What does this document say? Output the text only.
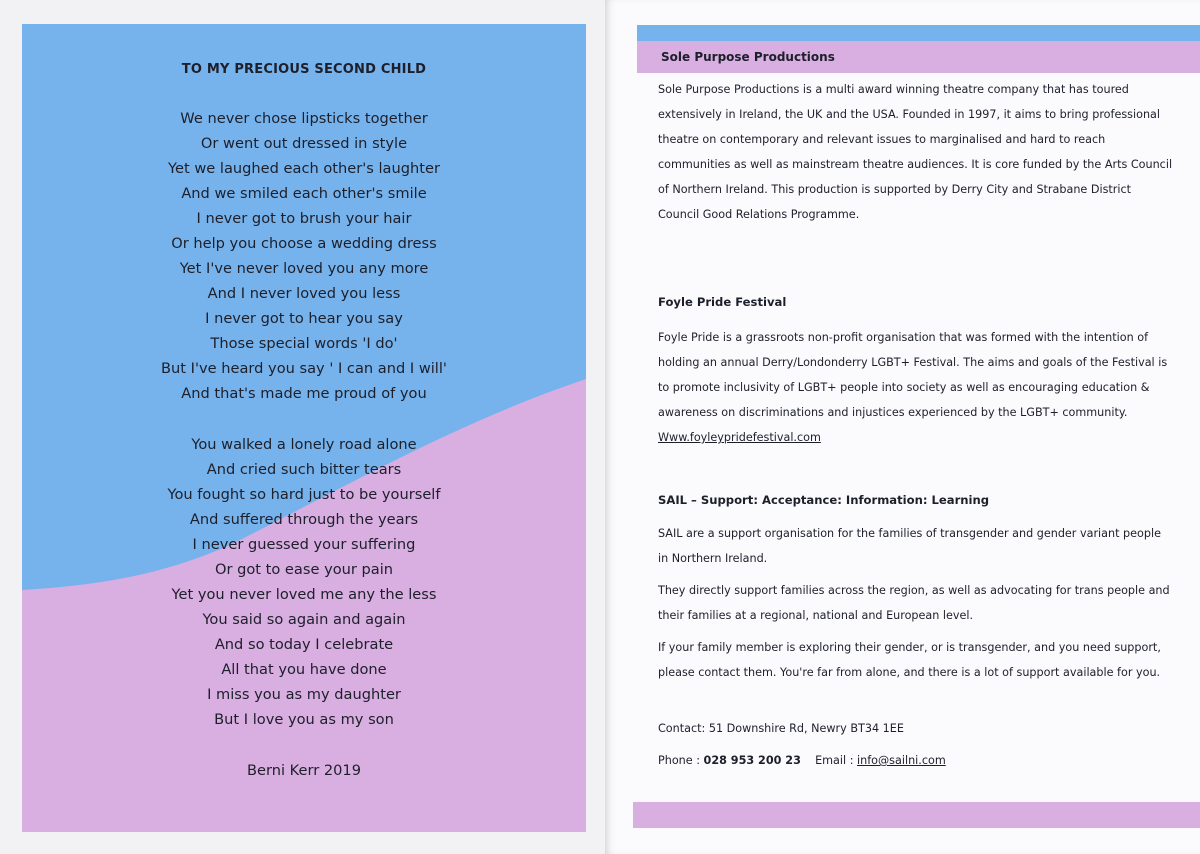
TO MY PRECIOUS SECOND CHILD
We never chose lipsticks together
Or went out dressed in style
Yet we laughed each other's laughter
And we smiled each other's smile
I never got to brush your hair
Or help you choose a wedding dress
Yet I've never loved you any more
And I never loved you less
I never got to hear you say
Those special words 'I do'
But I've heard you say ' I can and I will'
And that's made me proud of you
You walked a lonely road alone
And cried such bitter tears
You fought so hard just to be yourself
And suffered through the years
I never guessed your suffering
Or got to ease your pain
Yet you never loved me any the less
You said so again and again
And so today I celebrate
All that you have done
I miss you as my daughter
But I love you as my son
Berni Kerr 2019
Sole Purpose Productions

Sole Purpose Productions is a multi award winning theatre company that has toured extensively in Ireland, the UK and the USA. Founded in 1997, it aims to bring professional theatre on contemporary and relevant issues to marginalised and hard to reach communities as well as mainstream theatre audiences. It is core funded by the Arts Council of Northern Ireland. This production is supported by Derry City and Strabane District Council Good Relations Programme.

Foyle Pride Festival

Foyle Pride is a grassroots non-profit organisation that was formed with the intention of holding an annual Derry/Londonderry LGBT+ Festival. The aims and goals of the Festival is to promote inclusivity of LGBT+ people into society as well as encouraging education & awareness on discriminations and injustices experienced by the LGBT+ community. Www.foyleypridefestival.com

SAIL – Support: Acceptance: Information: Learning

SAIL are a support organisation for the families of transgender and gender variant people in Northern Ireland.

They directly support families across the region, as well as advocating for trans people and their families at a regional, national and European level.

If your family member is exploring their gender, or is transgender, and you need support, please contact them. You're far from alone, and there is a lot of support available for you.

Contact: 51 Downshire Rd, Newry BT34 1EE

Phone : 028 953 200 23 Email : info@sailni.com
